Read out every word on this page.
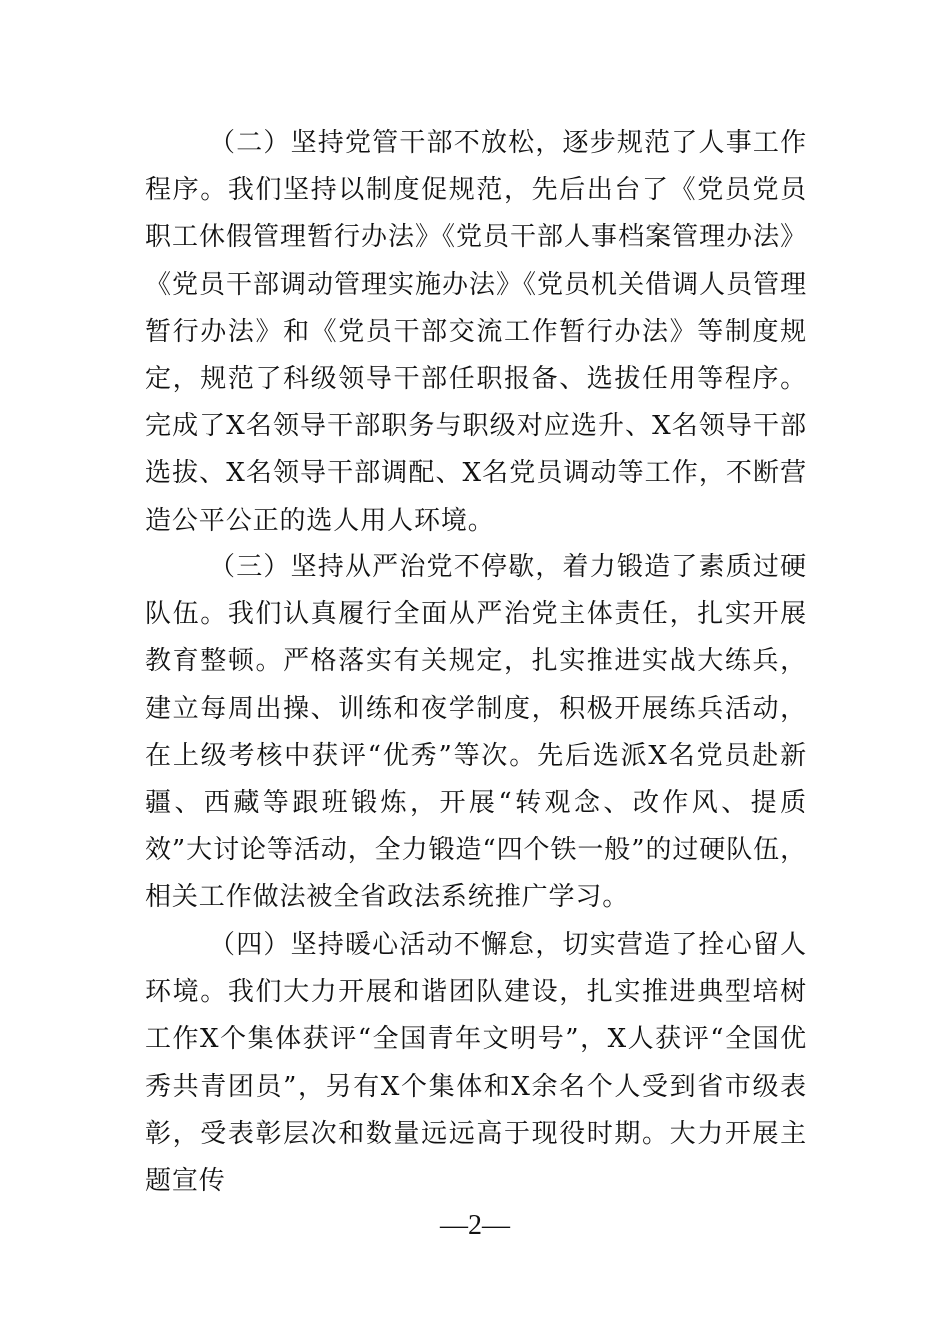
（二）坚持党管干部不放松，逐步规范了人事工作程序。我们坚持以制度促规范，先后出台了《党员党员职工休假管理暂行办法》《党员干部人事档案管理办法》《党员干部调动管理实施办法》《党员机关借调人员管理暂行办法》和《党员干部交流工作暂行办法》等制度规定，规范了科级领导干部任职报备、选拔任用等程序。完成了X名领导干部职务与职级对应选升、X名领导干部选拔、X名领导干部调配、X名党员调动等工作，不断营造公平公正的选人用人环境。

（三）坚持从严治党不停歇，着力锻造了素质过硬队伍。我们认真履行全面从严治党主体责任，扎实开展教育整顿。严格落实有关规定，扎实推进实战大练兵，建立每周出操、训练和夜学制度，积极开展练兵活动，在上级考核中获评“优秀”等次。先后选派X名党员赴新疆、西藏等跟班锻炼，开展“转观念、改作风、提质效”大讨论等活动，全力锻造“四个铁一般”的过硬队伍，相关工作做法被全省政法系统推广学习。

（四）坚持暖心活动不懈怠，切实营造了拴心留人环境。我们大力开展和谐团队建设，扎实推进典型培树工作X个集体获评“全国青年文明号”，X人获评“全国优秀共青团员”，另有X个集体和X余名个人受到省市级表彰，受表彰层次和数量远远高于现役时期。大力开展主题宣传

—2—
